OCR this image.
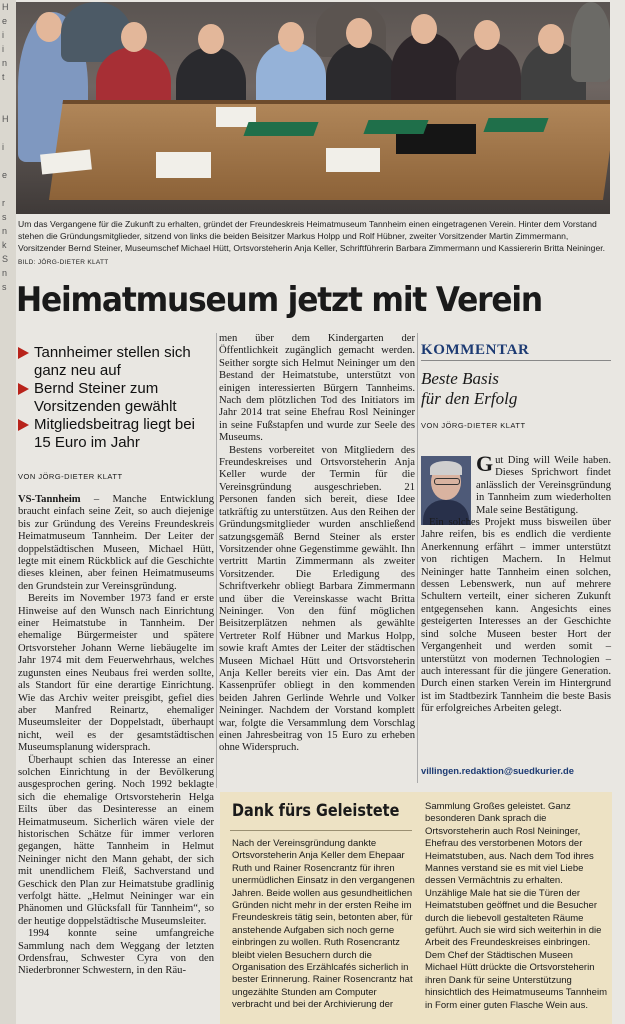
H
e
i
i
n
t

H

i

e

r
s
n
k
S
n
s
Um das Vergangene für die Zukunft zu erhalten, gründet der Freundeskreis Heimatmuseum Tannheim einen eingetragenen Verein. Hinter dem Vorstand stehen die Gründungsmitglieder, sitzend von links die beiden Beisitzer Markus Holpp und Rolf Hübner, zweiter Vorsitzender Martin Zimmermann, Vorsitzender Bernd Steiner, Museumschef Michael Hütt, Ortsvorsteherin Anja Keller, Schriftführerin Barbara Zimmermann und Kassiererin Britta Neininger. BILD: JÖRG-DIETER KLATT
Heimatmuseum jetzt mit Verein
Tannheimer stellen sich ganz neu auf
Bernd Steiner zum Vorsitzenden gewählt
Mitgliedsbeitrag liegt bei 15 Euro im Jahr
VON JÖRG-DIETER KLATT

VS-Tannheim – Manche Entwicklung braucht einfach seine Zeit, so auch diejenige bis zur Gründung des Vereins Freundeskreis Heimatmuseum Tannheim. Der Leiter der doppelstädtischen Museen, Michael Hütt, legte mit einem Rückblick auf die Geschichte dieses kleinen, aber feinen Heimatmuseums den Grundstein zur Vereinsgründung.

Bereits im November 1973 fand er erste Hinweise auf den Wunsch nach Einrichtung einer Heimatstube in Tannheim. Der ehemalige Bürgermeister und spätere Ortsvorsteher Johann Werne liebäugelte im Jahr 1974 mit dem Feuerwehrhaus, welches zugunsten eines Neubaus frei werden sollte, als Standort für eine derartige Einrichtung. Wie das Archiv weiter preisgibt, gefiel dies aber Manfred Reinartz, ehemaliger Museumsleiter der Doppelstadt, überhaupt nicht, weil es der gesamtstädtischen Museumsplanung widersprach.

Überhaupt schien das Interesse an einer solchen Einrichtung in der Bevölkerung ausgesprochen gering. Noch 1992 beklagte sich die ehemalige Ortsvorsteherin Helga Eilts über das Desinteresse an einem Heimatmuseum. Sicherlich wären viele der historischen Schätze für immer verloren gegangen, hätte Tannheim in Helmut Neininger nicht den Mann gehabt, der sich mit unendlichem Fleiß, Sachverstand und Geschick den Plan zur Heimatstube gradlinig verfolgt hätte. „Helmut Neininger war ein Phänomen und Glücksfall für Tannheim“, so der heutige doppelstädtische Museumsleiter.

1994 konnte seine umfangreiche Sammlung nach dem Weggang der letzten Ordensfrau, Schwester Cyra von den Niederbronner Schwestern, in den Räu-

men über dem Kindergarten der Öffentlichkeit zugänglich gemacht werden. Seither sorgte sich Helmut Neininger um den Bestand der Heimatstube, unterstützt von einigen interessierten Bürgern Tannheims. Nach dem plötzlichen Tod des Initiators im Jahr 2014 trat seine Ehefrau Rosl Neininger in seine Fußstapfen und wurde zur Seele des Museums.

Bestens vorbereitet von Mitgliedern des Freundeskreises und Ortsvorsteherin Anja Keller wurde der Termin für die Vereinsgründung ausgeschrieben. 21 Personen fanden sich bereit, diese Idee tatkräftig zu unterstützen. Aus den Reihen der Gründungsmitglieder wurden anschließend satzungsgemäß Bernd Steiner als erster Vorsitzender ohne Gegenstimme gewählt. Ihn vertritt Martin Zimmermann als zweiter Vorsitzender. Die Erledigung des Schriftverkehr obliegt Barbara Zimmermann und über die Vereinskasse wacht Britta Neininger. Von den fünf möglichen Beisitzerplätzen nehmen als gewählte Vertreter Rolf Hübner und Markus Holpp, sowie kraft Amtes der Leiter der städtischen Museen Michael Hütt und Ortsvorsteherin Anja Keller bereits vier ein. Das Amt der Kassenprüfer obliegt in den kommenden beiden Jahren Gerlinde Wehrle und Volker Neininger. Nachdem der Vorstand komplett war, folgte die Versammlung dem Vorschlag einen Jahresbeitrag von 15 Euro zu erheben ohne Widerspruch.

KOMMENTAR
Beste Basis
für den Erfolg
VON JÖRG-DIETER KLATT

Gut Ding will Weile haben. Dieses Sprichwort findet anlässlich der Vereinsgründung in Tannheim zum wiederholten Male seine Bestätigung.

Ein solches Projekt muss bisweilen über Jahre reifen, bis es endlich die verdiente Anerkennung erfährt – immer unterstützt von richtigen Machern. In Helmut Neininger hatte Tannheim einen solchen, dessen Lebenswerk, nun auf mehrere Schultern verteilt, einer sicheren Zukunft entgegensehen kann. Angesichts eines gesteigerten Interesses an der Geschichte sind solche Museen bester Hort der Vergangenheit und werden somit – unterstützt von modernen Technologien – auch interessant für die jüngere Generation. Durch einen starken Verein im Hintergrund ist im Stadtbezirk Tannheim die beste Basis für erfolgreiches Arbeiten gelegt.

villingen.redaktion@suedkurier.de
Dank fürs Geleistete

Nach der Vereinsgründung dankte Ortsvorsteherin Anja Keller dem Ehepaar Ruth und Rainer Rosencrantz für ihren unermüdlichen Einsatz in den vergangenen Jahren. Beide wollen aus gesundheitlichen Gründen nicht mehr in der ersten Reihe im Freundeskreis tätig sein, betonten aber, für anstehende Aufgaben sich noch gerne einbringen zu wollen. Ruth Rosencrantz bleibt vielen Besuchern durch die Organisation des Erzählcafés sicherlich in bester Erinnerung. Rainer Rosencrantz hat ungezählte Stunden am Computer verbracht und bei der Archivierung der

Sammlung Großes geleistet. Ganz besonderen Dank sprach die Ortsvorsteherin auch Rosl Neininger, Ehefrau des verstorbenen Motors der Heimatstuben, aus. Nach dem Tod ihres Mannes verstand sie es mit viel Liebe dessen Vermächtnis zu erhalten. Unzählige Male hat sie die Türen der Heimatstuben geöffnet und die Besucher durch die liebevoll gestalteten Räume geführt. Auch sie wird sich weiterhin in die Arbeit des Freundeskreises einbringen. Dem Chef der Städtischen Museen Michael Hütt drückte die Ortsvorsteherin ihren Dank für seine Unterstützung hinsichtlich des Heimatmuseums Tannheim in Form einer guten Flasche Wein aus.
